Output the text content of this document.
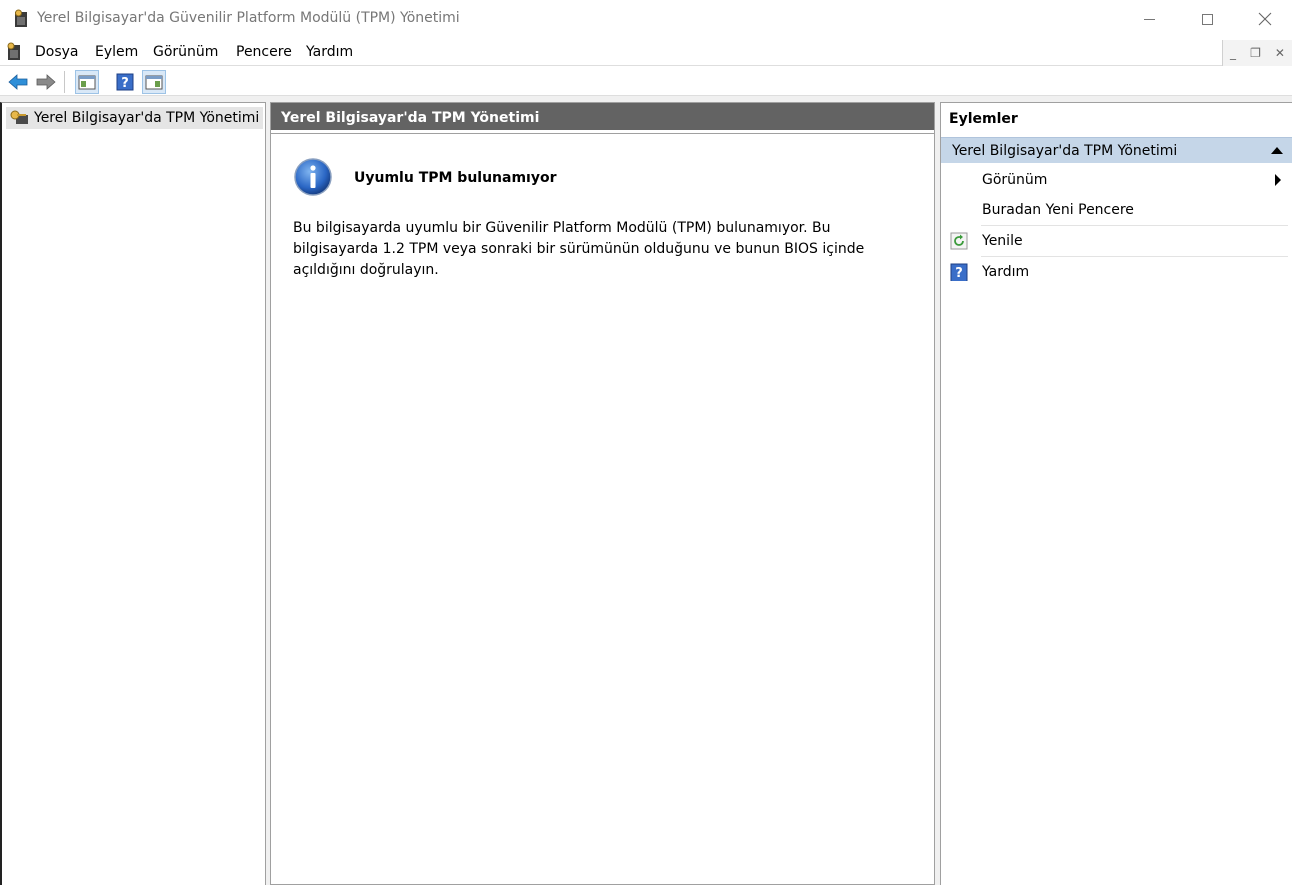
Yerel Bilgisayar'da Güvenilir Platform Modülü (TPM) Yönetimi
Dosya Eylem Görünüm Pencere Yardım	_ ❐ ✕
?
Yerel Bilgisayar'da TPM Yönetimi	Yerel Bilgisayar'da TPM Yönetimi
Uyumlu TPM bulunamıyor
Bu bilgisayarda uyumlu bir Güvenilir Platform Modülü (TPM) bulunamıyor. Bu bilgisayarda 1.2 TPM veya sonraki bir sürümünün olduğunu ve bunun BIOS içinde açıldığını doğrulayın.
Eylemler
Yerel Bilgisayar'da TPM Yönetimi
Görünüm
Buradan Yeni Pencere
Yenile
? Yardım
